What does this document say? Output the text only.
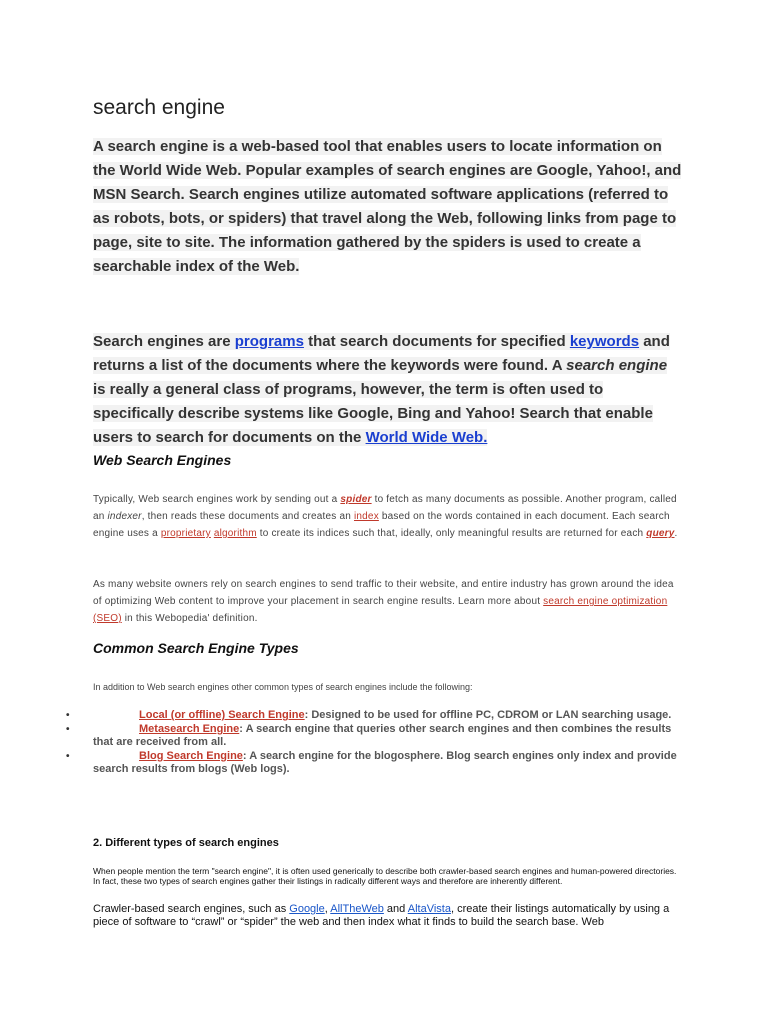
search engine

A search engine is a web-based tool that enables users to locate information on the World Wide Web. Popular examples of search engines are Google, Yahoo!, and MSN Search. Search engines utilize automated software applications (referred to as robots, bots, or spiders) that travel along the Web, following links from page to page, site to site. The information gathered by the spiders is used to create a searchable index of the Web.

Search engines are programs that search documents for specified keywords and returns a list of the documents where the keywords were found. A search engine is really a general class of programs, however, the term is often used to specifically describe systems like Google, Bing and Yahoo! Search that enable users to search for documents on the World Wide Web.

Web Search Engines

Typically, Web search engines work by sending out a spider to fetch as many documents as possible. Another program, called an indexer, then reads these documents and creates an index based on the words contained in each document. Each search engine uses a proprietary algorithm to create its indices such that, ideally, only meaningful results are returned for each query.

As many website owners rely on search engines to send traffic to their website, and entire industry has grown around the idea of optimizing Web content to improve your placement in search engine results. Learn more about search engine optimization (SEO) in this Webopedia' definition.

Common Search Engine Types

In addition to Web search engines other common types of search engines include the following:

•	Local (or offline) Search Engine: Designed to be used for offline PC, CDROM or LAN searching usage.

•	Metasearch Engine: A search engine that queries other search engines and then combines the results that are received from all.

•	Blog Search Engine: A search engine for the blogosphere. Blog search engines only index and provide search results from blogs (Web logs).

2. Different types of search engines

When people mention the term "search engine", it is often used generically to describe both crawler-based search engines and human-powered directories. In fact, these two types of search engines gather their listings in radically different ways and therefore are inherently different.

Crawler-based search engines, such as Google, AllTheWeb and AltaVista, create their listings automatically by using a piece of software to “crawl” or “spider” the web and then index what it finds to build the search base. Web
